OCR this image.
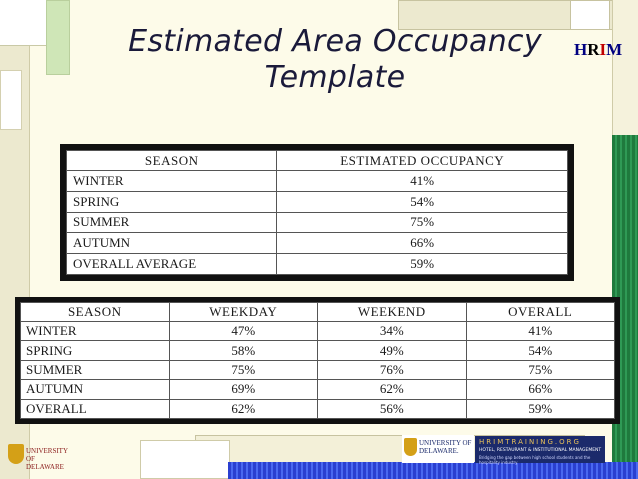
Estimated Area Occupancy
Template
HRIM
SEASON	ESTIMATED OCCUPANCY
WINTER	41%
SPRING	54%
SUMMER	75%
AUTUMN	66%
OVERALL AVERAGE	59%
SEASON	WEEKDAY	WEEKEND	OVERALL
WINTER	47%	34%	41%
SPRING	58%	49%	54%
SUMMER	75%	76%	75%
AUTUMN	69%	62%	66%
OVERALL	62%	56%	59%
UNIVERSITY OF
DELAWARE
UNIVERSITY OF
DELAWARE.
HRIMTRAINING.ORG
HOTEL, RESTAURANT & INSTITUTIONAL MANAGEMENT
Bridging the gap between high school students and the hospitality industry
